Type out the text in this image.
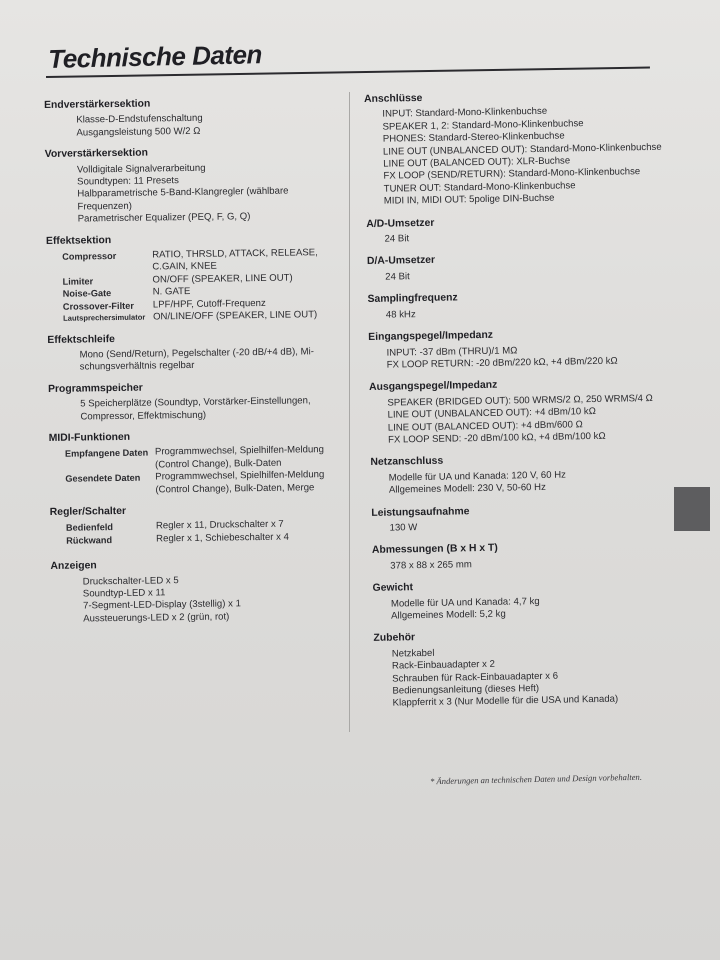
Technische Daten
Endverstärkersektion
Klasse-D-Endstufenschaltung
Ausgangsleistung 500 W/2 Ω
Vorverstärkersektion
Volldigitale Signalverarbeitung
Soundtypen: 11 Presets
Halbparametrische 5-Band-Klangregler (wählbare Frequenzen)
Parametrischer Equalizer (PEQ, F, G, Q)
Effektsektion
Compressor	RATIO, THRSLD, ATTACK, RELEASE,
C.GAIN, KNEE
Limiter	ON/OFF (SPEAKER, LINE OUT)
Noise-Gate	N. GATE
Crossover-Filter	LPF/HPF, Cutoff-Frequenz
Lautsprechersimulator ON/LINE/OFF (SPEAKER, LINE OUT)
Effektschleife
Mono (Send/Return), Pegelschalter (-20 dB/+4 dB), Mi-
schungsverhältnis regelbar
Programmspeicher
5 Speicherplätze (Soundtyp, Vorstärker-Einstellungen,
Compressor, Effektmischung)
MIDI-Funktionen
Empfangene Daten Programmwechsel, Spielhilfen-Meldung
(Control Change), Bulk-Daten
Gesendete Daten	Programmwechsel, Spielhilfen-Meldung
(Control Change), Bulk-Daten, Merge
Regler/Schalter
Bedienfeld	Regler x 11, Druckschalter x 7
Rückwand	Regler x 1, Schiebeschalter x 4
Anzeigen
Druckschalter-LED x 5
Soundtyp-LED x 11
7-Segment-LED-Display (3stellig) x 1
Aussteuerungs-LED x 2 (grün, rot)
Anschlüsse
INPUT: Standard-Mono-Klinkenbuchse
SPEAKER 1, 2: Standard-Mono-Klinkenbuchse
PHONES: Standard-Stereo-Klinkenbuchse
LINE OUT (UNBALANCED OUT): Standard-Mono-Klinkenbuchse
LINE OUT (BALANCED OUT): XLR-Buchse
FX LOOP (SEND/RETURN): Standard-Mono-Klinkenbuchse
TUNER OUT: Standard-Mono-Klinkenbuchse
MIDI IN, MIDI OUT: 5polige DIN-Buchse
A/D-Umsetzer
24 Bit
D/A-Umsetzer
24 Bit
Samplingfrequenz
48 kHz
Eingangspegel/Impedanz
INPUT: -37 dBm (THRU)/1 MΩ
FX LOOP RETURN: -20 dBm/220 kΩ, +4 dBm/220 kΩ
Ausgangspegel/Impedanz
SPEAKER (BRIDGED OUT): 500 WRMS/2 Ω, 250 WRMS/4 Ω
LINE OUT (UNBALANCED OUT): +4 dBm/10 kΩ
LINE OUT (BALANCED OUT): +4 dBm/600 Ω
FX LOOP SEND: -20 dBm/100 kΩ, +4 dBm/100 kΩ
Netzanschluss
Modelle für UA und Kanada: 120 V, 60 Hz
Allgemeines Modell: 230 V, 50-60 Hz
Leistungsaufnahme
130 W
Abmessungen (B x H x T)
378 x 88 x 265 mm
Gewicht
Modelle für UA und Kanada: 4,7 kg
Allgemeines Modell: 5,2 kg
Zubehör
Netzkabel
Rack-Einbauadapter x 2
Schrauben für Rack-Einbauadapter x 6
Bedienungsanleitung (dieses Heft)
Klappferrit x 3 (Nur Modelle für die USA und Kanada)
* Änderungen an technischen Daten und Design vorbehalten.
